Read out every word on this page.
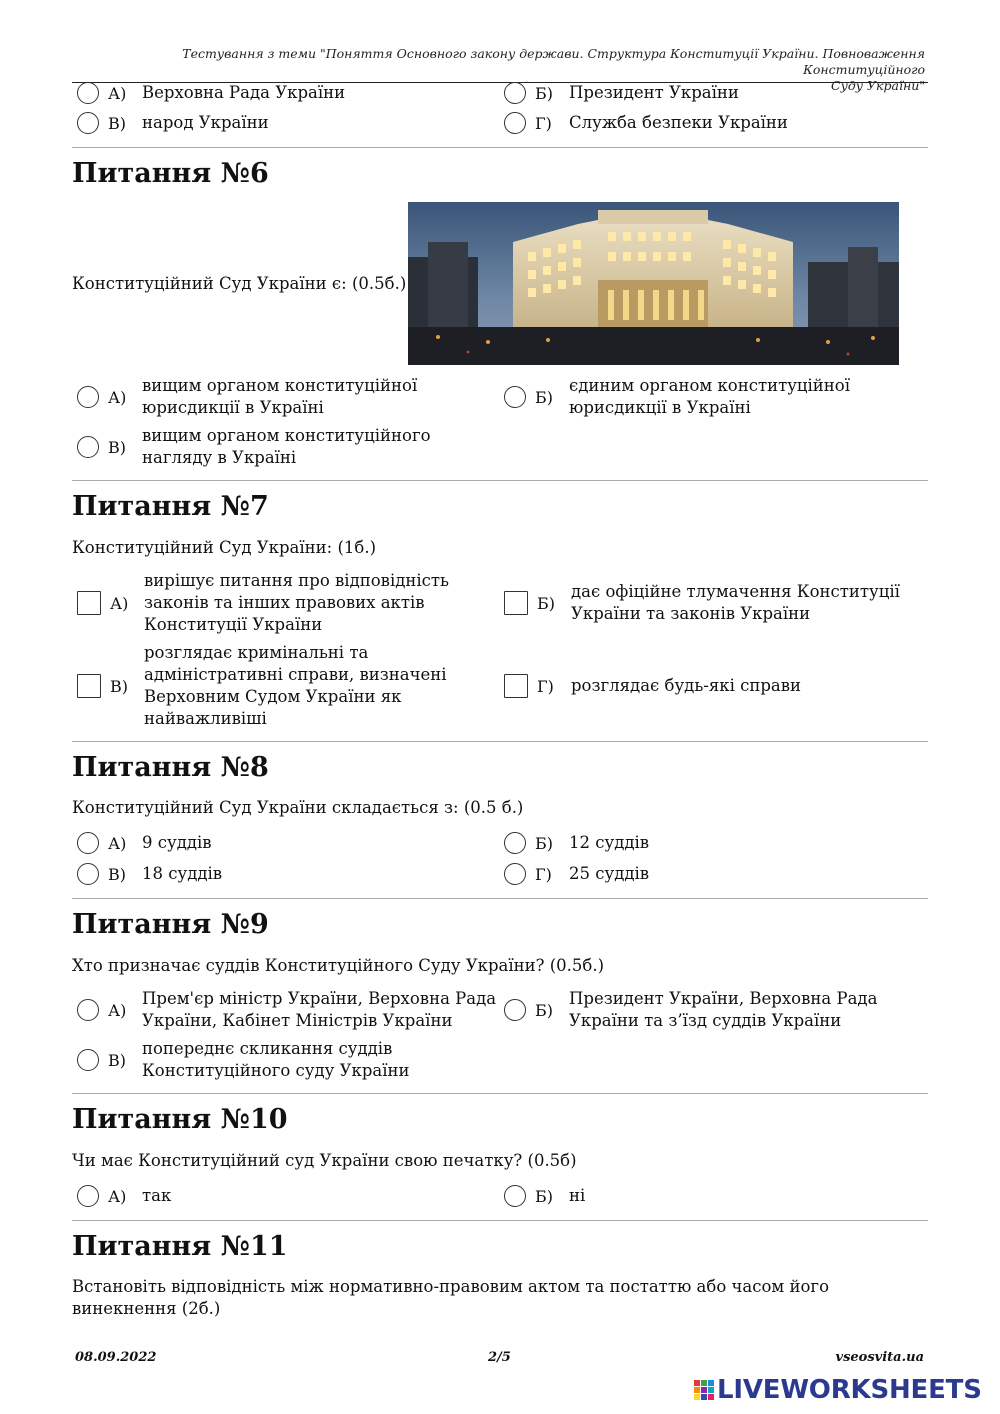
Тестування з теми "Поняття Основного закону держави. Структура Конституції України. Повноваження Конституційного
Суду України"
А) Верховна Рада України	Б) Президент України
В) народ України	Г)	Служба безпеки України
Питання №6
Конституційний Суд України є: (0.5б.)
А)
вищим органом конституційної
юрисдикції в Україні
Б)
єдиним органом конституційної
юрисдикції в Україні
В)
вищим органом конституційного
нагляду в Україні
Питання №7
Конституційний Суд України: (1б.)
А)
вирішує питання про відповідність
законів та інших правових актів
Конституції України
Б)
дає офіційне тлумачення Конституції
України та законів України
В)
розглядає кримінальні та
адміністративні справи, визначені
Верховним Судом України як
найважливіші
Г)	розглядає будь-які справи
Питання №8
Конституційний Суд України складається з: (0.5 б.)
А) 9 суддів	Б) 12 суддів
В) 18 суддів	Г)	25 суддів
Питання №9
Хто призначає суддів Конституційного Суду України? (0.5б.)
А)
Прем'єр міністр України, Верховна Рада
України, Кабінет Міністрів України
Б)
Президент України, Верховна Рада
України та з’їзд суддів України
В)
попереднє скликання суддів
Конституційного суду України
Питання №10
Чи має Конституційний суд України свою печатку? (0.5б)
А) так	Б) ні
Питання №11
Встановіть відповідність між нормативно-правовим актом та постаттю або часом його
винекнення (2б.)
08.09.2022	2/5	vseosvita.ua
LIVEWORKSHEETS
